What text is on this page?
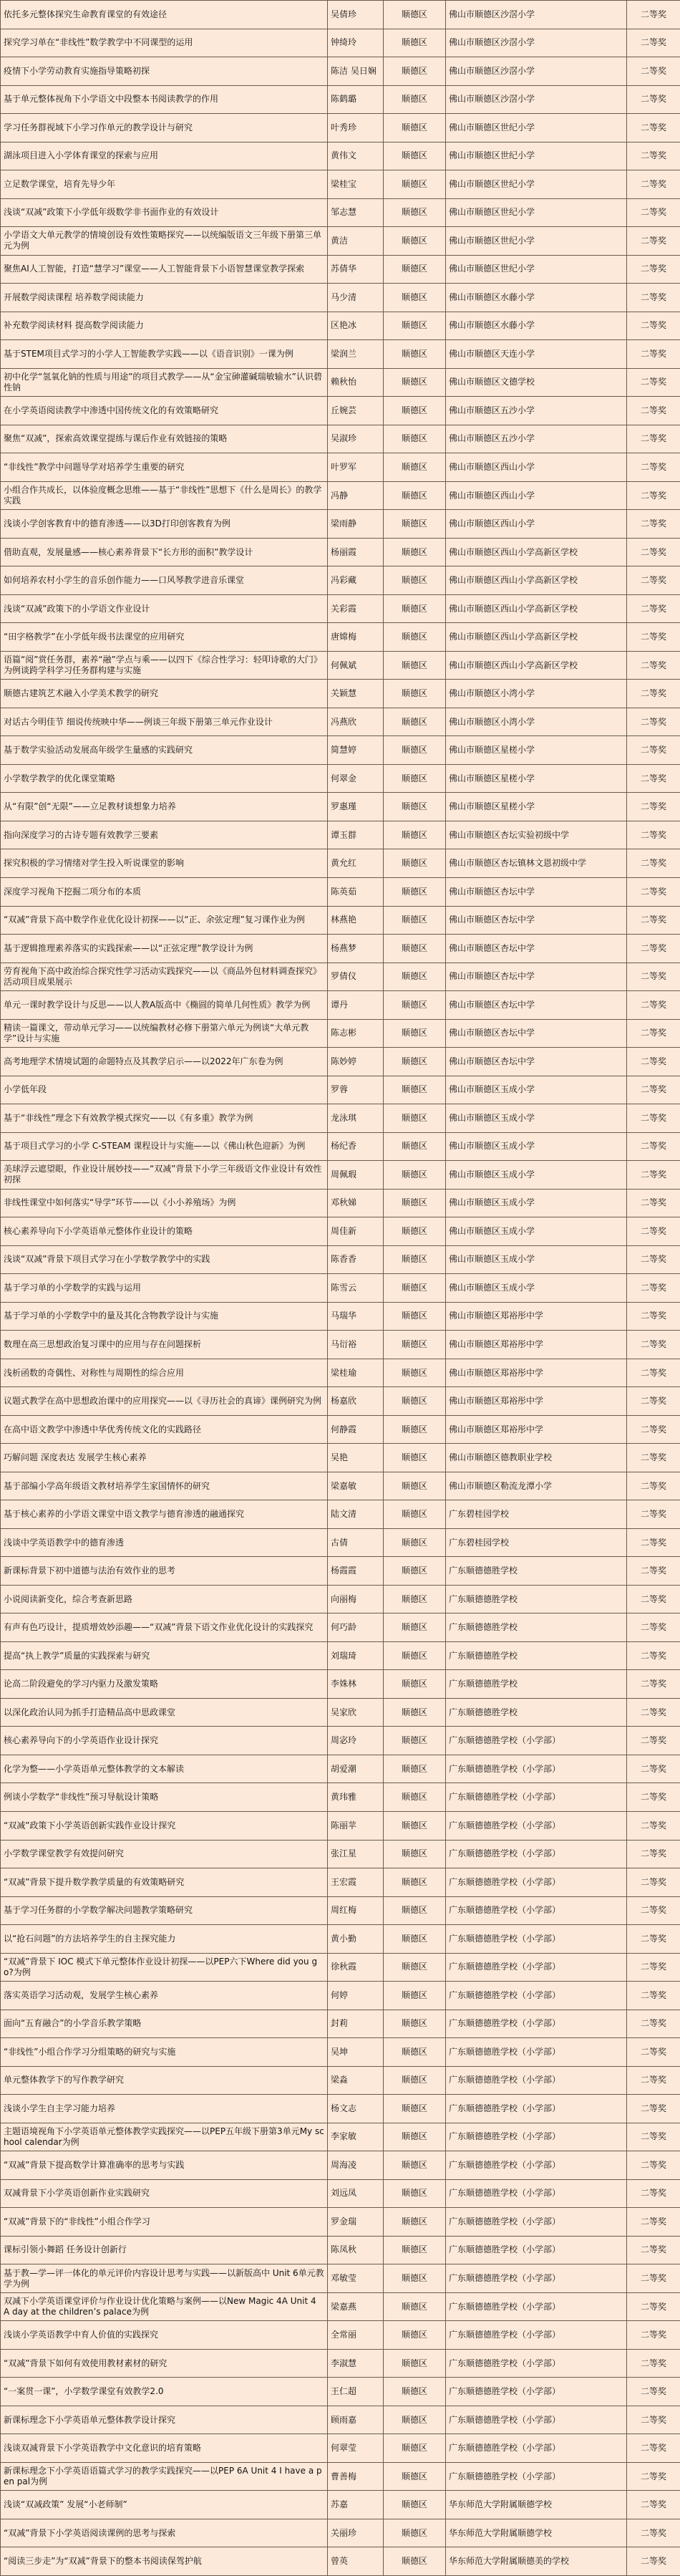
依托多元整体探究生命教育课堂的有效途径	吴倩珍	顺德区	佛山市顺德区沙滘小学	二等奖
探究学习单在“非线性”数学教学中不同课型的运用	钟绮玲	顺德区	佛山市顺德区沙滘小学	二等奖
疫情下小学劳动教育实施指导策略初探	陈洁 吴日娴	顺德区	佛山市顺德区沙滘小学	二等奖
基于单元整体视角下小学语文中段整本书阅读教学的作用	陈鹤璐	顺德区	佛山市顺德区沙滘小学	二等奖
学习任务群视域下小学习作单元的教学设计与研究	叶秀珍	顺德区	佛山市顺德区世纪小学	二等奖
湖泳项目进入小学体育课堂的探索与应用	黄伟文	顺德区	佛山市顺德区世纪小学	二等奖
立足数学课堂，培育先导少年	梁桂宝	顺德区	佛山市顺德区世纪小学	二等奖
浅谈“双减”政策下小学低年级数学非书面作业的有效设计	邹志慧	顺德区	佛山市顺德区世纪小学	二等奖
小学语文大单元教学的情境创设有效性策略探究——以统编版语文三年级下册第三单元为例	黄洁	顺德区	佛山市顺德区世纪小学	二等奖
聚焦AI人工智能，打造“慧学习”课堂——人工智能背景下小语智慧课堂教学探索	苏倩华	顺德区	佛山市顺德区世纪小学	二等奖
开展数学阅读课程 培养数学阅读能力	马少清	顺德区	佛山市顺德区水藤小学	二等奖
补充数学阅读材料 提高数学阅读能力	区艳冰	顺德区	佛山市顺德区水藤小学	二等奖
基于STEM项目式学习的小学人工智能教学实践——以《语音识别》一课为例	梁润兰	顺德区	佛山市顺德区天连小学	二等奖
初中化学“氢氧化钠的性质与用途”的项目式教学——从“金宝砷灌碱瑞敏输水”认识碧性钠	赖秋怡	顺德区	佛山市顺德区文德学校	二等奖
在小学英语阅读教学中渗透中国传统文化的有效策略研究	丘婉芸	顺德区	佛山市顺德区五沙小学	二等奖
聚焦“双减”，探索高效课堂提练与课后作业有效链接的策略	吴淑珍	顺德区	佛山市顺德区五沙小学	二等奖
“非线性”教学中问题导学对培养学生重要的研究	叶罗军	顺德区	佛山市顺德区西山小学	二等奖
小组合作共成长，以体验度概念思维——基于“非线性”思想下《什么是周长》的教学实践	冯静	顺德区	佛山市顺德区西山小学	二等奖
浅谈小学创客教育中的德育渗透——以3D打印创客教育为例	梁雨静	顺德区	佛山市顺德区西山小学	二等奖
借助直观，发展量感——核心素养背景下“长方形的面积”教学设计	杨丽霞	顺德区	佛山市顺德区西山小学高新区学校	二等奖
如何培养农村小学生的音乐创作能力——口风琴教学进音乐课堂	冯彩藏	顺德区	佛山市顺德区西山小学高新区学校	二等奖
浅谈“双减”政策下的小学语文作业设计	关彩霞	顺德区	佛山市顺德区西山小学高新区学校	二等奖
“田字格教学”在小学低年级书法课堂的应用研究	唐嫦梅	顺德区	佛山市顺德区西山小学高新区学校	二等奖
语篇“阅”赏任务群，素养“融”学点与乘——以四下《综合性学习：轻叩诗歌的大门》为例谈跨学科学习任务群构建与实施	何佩斌	顺德区	佛山市顺德区西山小学高新区学校	二等奖
顺德古建筑艺术融入小学美术教学的研究	关颖慧	顺德区	佛山市顺德区小湾小学	二等奖
对话古今明佳节 细说传统映中华——例谈三年级下册第三单元作业设计	冯燕欣	顺德区	佛山市顺德区小湾小学	二等奖
基于数学实验活动发展高年级学生量感的实践研究	简慧婷	顺德区	佛山市顺德区星槎小学	二等奖
小学数学教学的优化课堂策略	何翠金	顺德区	佛山市顺德区星槎小学	二等奖
从“有限”创“无限”——立足教材谈想象力培养	罗惠瑾	顺德区	佛山市顺德区星槎小学	二等奖
指向深度学习的古诗专题有效教学三要素	谭玉群	顺德区	佛山市顺德区杏坛实验初级中学	二等奖
探究积极的学习情绪对学生投入听说课堂的影响	黄允红	顺德区	佛山市顺德区杏坛镇林文恩初级中学	二等奖
深度学习视角下挖掘二项分布的本质	陈英茹	顺德区	佛山市顺德区杏坛中学	二等奖
“双减”背景下高中数学作业优化设计初探——以“正、余弦定理”复习课作业为例	林燕艳	顺德区	佛山市顺德区杏坛中学	二等奖
基于逻辑推理素养落实的实践探索——以“正弦定理”教学设计为例	杨燕梦	顺德区	佛山市顺德区杏坛中学	二等奖
劳育视角下高中政治综合探究性学习活动实践探究——以《商品外包材料调查探究》活动项目成果展示	罗倩仪	顺德区	佛山市顺德区杏坛中学	二等奖
单元一课时教学设计与反思——以人教A版高中《椭圆的简单几何性质》教学为例	谭丹	顺德区	佛山市顺德区杏坛中学	二等奖
精读一篇课文，带动单元学习——以统编教材必修下册第六单元为例谈“大单元教学”设计与实施	陈志彬	顺德区	佛山市顺德区杏坛中学	二等奖
高考地理学术情境试题的命题特点及其教学启示——以2022年广东卷为例	陈妙婷	顺德区	佛山市顺德区杏坛中学	二等奖
小学低年段	罗蓉	顺德区	佛山市顺德区玉成小学	二等奖
基于“非线性”理念下有效教学模式探究——以《有多重》教学为例	龙泳琪	顺德区	佛山市顺德区玉成小学	二等奖
基于项目式学习的小学 C-STEAM 课程设计与实施——以《佛山秋色迎新》为例	杨纪香	顺德区	佛山市顺德区玉成小学	二等奖
美球浮云遮望眼，作业设计展妙技——“双减”背景下小学三年级语文作业设计有效性初探	周佩瑕	顺德区	佛山市顺德区玉成小学	二等奖
非线性课堂中如何落实“导学”环节——以《小小养殖场》为例	邓秋娣	顺德区	佛山市顺德区玉成小学	二等奖
核心素养导向下小学英语单元整体作业设计的策略	周佳新	顺德区	佛山市顺德区玉成小学	二等奖
浅谈“双减”背景下项目式学习在小学数学教学中的实践	陈香香	顺德区	佛山市顺德区玉成小学	二等奖
基于学习单的小学数学的实践与运用	陈雪云	顺德区	佛山市顺德区玉成小学	二等奖
基于学习单的小学数学中的量及其化含物教学设计与实施	马瑞华	顺德区	佛山市顺德区郑裕彤中学	二等奖
数理在高三思想政治复习课中的应用与存在问题探析	马衍裕	顺德区	佛山市顺德区郑裕彤中学	二等奖
浅析函数的奇偶性、对称性与周期性的综合应用	梁桂瑜	顺德区	佛山市顺德区郑裕彤中学	二等奖
议题式教学在高中思想政治课中的应用探究——以《寻历社会的真谛》课例研究为例	杨嘉欣	顺德区	佛山市顺德区郑裕彤中学	二等奖
在高中语文教学中渗透中华优秀传统文化的实践路径	何静霞	顺德区	佛山市顺德区郑裕彤中学	二等奖
巧解问题 深度表达 发展学生核心素养	吴艳	顺德区	佛山市顺德区德教职业学校	二等奖
基于部编小学高年级语文教材培养学生家国情怀的研究	梁嘉敏	顺德区	佛山市顺德区勒流龙潭小学	二等奖
基于核心素养的小学语文课堂中语文教学与德育渗透的融通探究	陆文清	顺德区	广东碧桂园学校	二等奖
浅谈中学英语教学中的德育渗透	古倩	顺德区	广东碧桂园学校	二等奖
新课标背景下初中道德与法治有效作业的思考	杨霞霞	顺德区	广东顺德德胜学校	二等奖
小说阅读新变化，综合考查新思路	向丽梅	顺德区	广东顺德德胜学校	二等奖
有声有色巧设计，提质增效妙添趣——“双减”背景下语文作业优化设计的实践探究	何巧龄	顺德区	广东顺德德胜学校	二等奖
提高“执上教学”质量的实践探索与研究	刘瑞琦	顺德区	广东顺德德胜学校	二等奖
论高二阶段避免的学习内驱力及激发策略	李姝林	顺德区	广东顺德德胜学校	二等奖
以深化政治认同为抓手打造精品高中思政课堂	吴家欣	顺德区	广东顺德德胜学校	二等奖
核心素养导向下的小学英语作业设计探究	周宓玲	顺德区	广东顺德德胜学校（小学部）	二等奖
化学为整——小学英语单元整体教学的文本解读	胡爱潮	顺德区	广东顺德德胜学校（小学部）	二等奖
例谈小学数学“非线性”预习导航设计策略	黄玮雅	顺德区	广东顺德德胜学校（小学部）	二等奖
“双减”政策下小学英语创新实践作业设计探究	陈丽苹	顺德区	广东顺德德胜学校（小学部）	二等奖
小学数学课堂教学有效提问研究	张江星	顺德区	广东顺德德胜学校（小学部）	二等奖
“双减”背景下提升数学教学质量的有效策略研究	王宏霞	顺德区	广东顺德德胜学校（小学部）	二等奖
基于学习任务群的小学数学解决问题教学策略研究	周红梅	顺德区	广东顺德德胜学校（小学部）	二等奖
以“抢石问题”的方法培养学生的自主探究能力	黄小勤	顺德区	广东顺德德胜学校（小学部）	二等奖
“双减”背景下 IOC 模式下单元整体作业设计初探——以PEP六下Where did you go?为例	徐秋霞	顺德区	广东顺德德胜学校（小学部）	二等奖
落实英语学习活动观，发展学生核心素养	何婷	顺德区	广东顺德德胜学校（小学部）	二等奖
面向“五育融合”的小学音乐教学策略	封莉	顺德区	广东顺德德胜学校（小学部）	二等奖
“非线性”小组合作学习分组策略的研究与实施	吴坤	顺德区	广东顺德德胜学校（小学部）	二等奖
单元整体教学下的写作教学研究	梁淼	顺德区	广东顺德德胜学校（小学部）	二等奖
浅谈小学生自主学习能力培养	杨文志	顺德区	广东顺德德胜学校（小学部）	二等奖
主题语境视角下小学英语单元整体教学实践探究——以PEP五年级下册第3单元My school calendar为例	李家敏	顺德区	广东顺德德胜学校（小学部）	二等奖
“双减”背景下提高数学计算准确率的思考与实践	周海凌	顺德区	广东顺德德胜学校（小学部）	二等奖
双减背景下小学英语创新作业实践研究	刘远凤	顺德区	广东顺德德胜学校（小学部）	二等奖
“双减”背景下的“非线性”小组合作学习	罗金瑞	顺德区	广东顺德德胜学校（小学部）	二等奖
课标引领小舞蹈 任务设计创新行	陈凤秋	顺德区	广东顺德德胜学校（小学部）	二等奖
基于教—学—评一体化的单元评价内容设计思考与实践——以新版高中 Unit 6单元教学为例	邓敏莹	顺德区	广东顺德德胜学校（小学部）	二等奖
双减下小学英语课堂评价与作业设计优化策略与案例——以New Magic 4A Unit 4 A day at the children’s palace为例	梁嘉燕	顺德区	广东顺德德胜学校（小学部）	二等奖
浅谈小学英语教学中育人价值的实践探究	全常丽	顺德区	广东顺德德胜学校（小学部）	二等奖
“双减”背景下如何有效使用教材素材的研究	李淑慧	顺德区	广东顺德德胜学校（小学部）	二等奖
“一案贯一课”，小学数学课堂有效教学2.0	王仁超	顺德区	广东顺德德胜学校（小学部）	二等奖
新课标理念下小学英语单元整体教学设计探究	顾雨嘉	顺德区	广东顺德德胜学校（小学部）	二等奖
浅谈双减背景下小学英语教学中文化意识的培育策略	何翠莹	顺德区	广东顺德德胜学校（小学部）	二等奖
新课标理念下小学英语语篇式学习的教学实践探究——以PEP 6A Unit 4 I have a pen pal为例	曹善梅	顺德区	广东顺德德胜学校（小学部）	二等奖
浅谈“双减政策” 发展“小老师制”	苏嘉	顺德区	华东师范大学附属顺德学校	二等奖
“双减”背景下小学英语阅读课例的思考与探索	关丽珍	顺德区	华东师范大学附属顺德学校	二等奖
“阅读三步走”为“双减”背景下的整本书阅读保驾护航	曾英	顺德区	华东师范大学附属顺德美的学校	二等奖
